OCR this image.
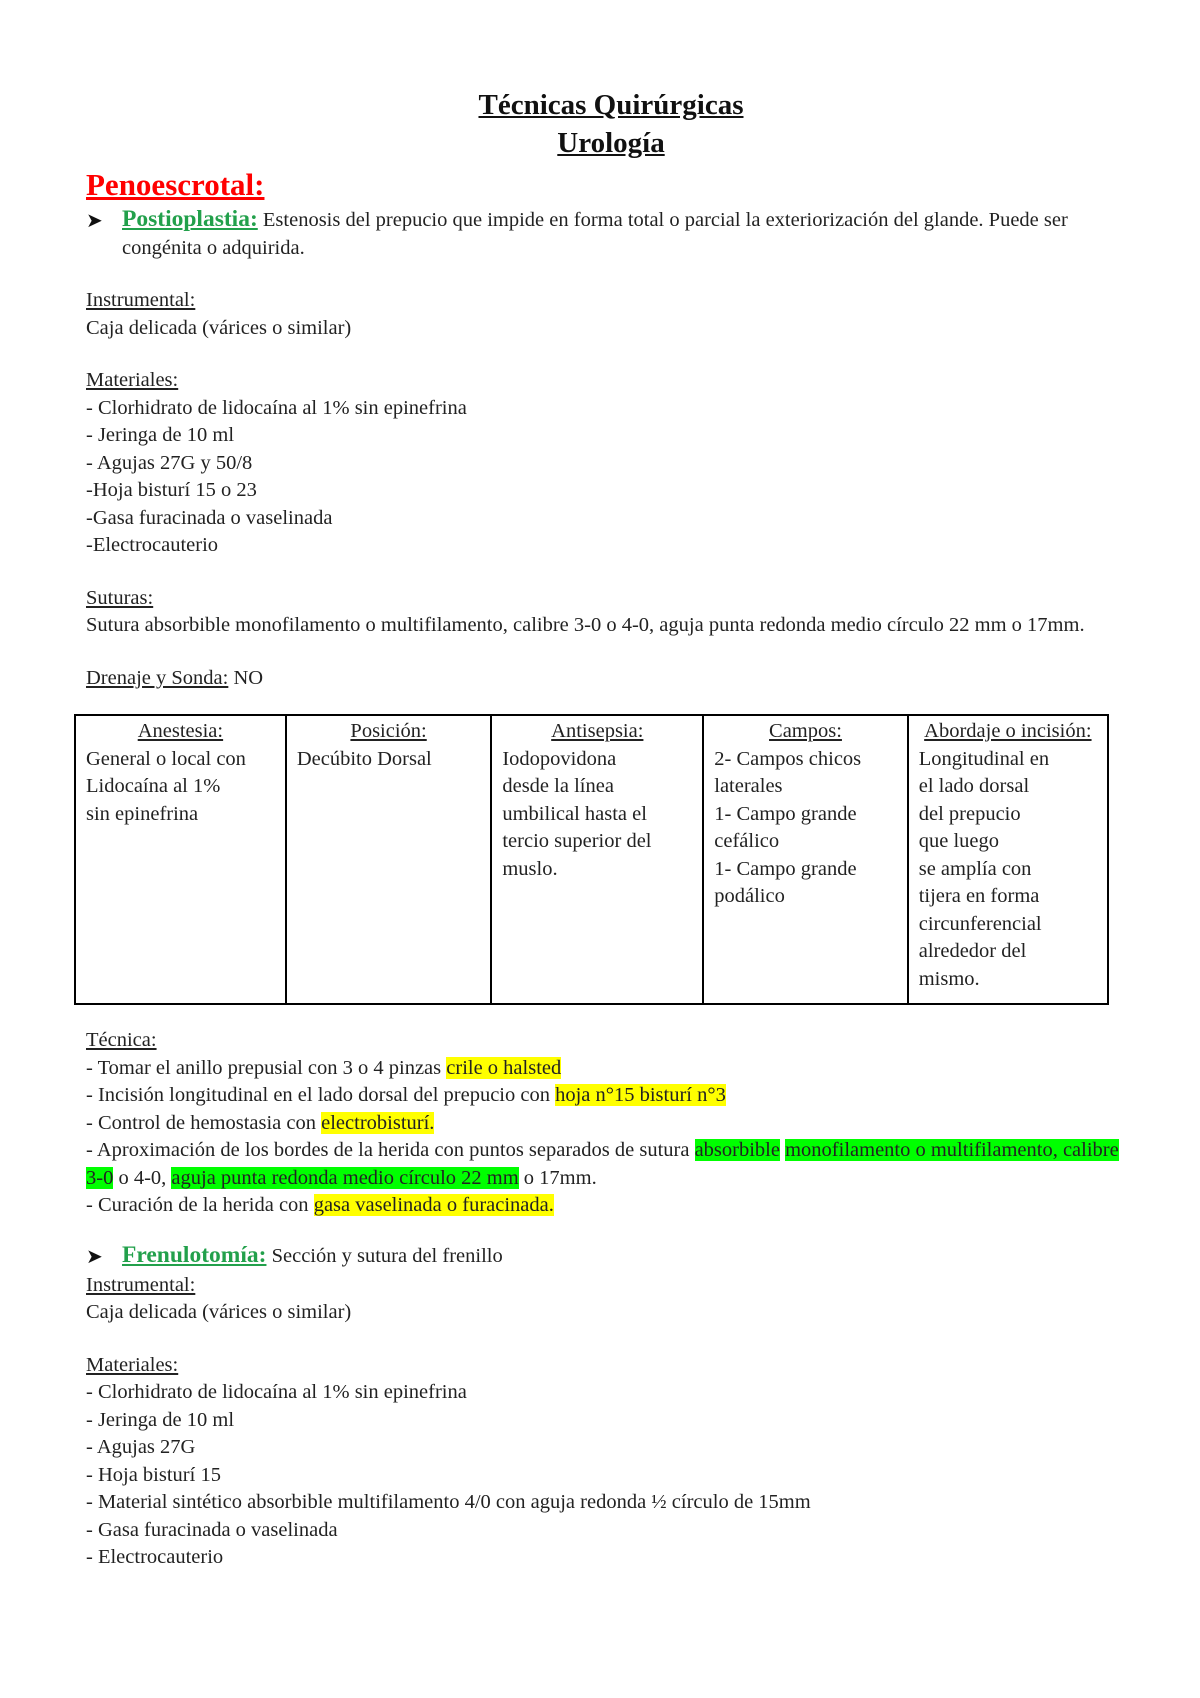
Técnicas Quirúrgicas
Urología
Penoescrotal:
➤ Postioplastia: Estenosis del prepucio que impide en forma total o parcial la exteriorización del glande. Puede ser congénita o adquirida.
Instrumental:
Caja delicada (várices o similar)
Materiales:
- Clorhidrato de lidocaína al 1% sin epinefrina
- Jeringa de 10 ml
- Agujas 27G y 50/8
-Hoja bisturí 15 o 23
-Gasa furacinada o vaselinada
-Electrocauterio
Suturas:
Sutura absorbible monofilamento o multifilamento, calibre 3-0 o 4-0, aguja punta redonda medio círculo 22 mm o 17mm.
Drenaje y Sonda: NO
Anestesia:
General o local con
Lidocaína al 1%
sin epinefrina

Posición:
Decúbito Dorsal

Antisepsia:
Iodopovidona
desde la línea
umbilical hasta el
tercio superior del
muslo.

Campos:
2- Campos chicos
laterales
1- Campo grande
cefálico
1- Campo grande
podálico

Abordaje o incisión:
Longitudinal en
el lado dorsal
del prepucio
que luego
se amplía con
tijera en forma
circunferencial
alrededor del
mismo.
Técnica:
- Tomar el anillo prepusial con 3 o 4 pinzas crile o halsted
- Incisión longitudinal en el lado dorsal del prepucio con hoja n°15 bisturí n°3
- Control de hemostasia con electrobisturí.
- Aproximación de los bordes de la herida con puntos separados de sutura absorbible monofilamento o multifilamento, calibre 3-0 o 4-0, aguja punta redonda medio círculo 22 mm o 17mm.
- Curación de la herida con gasa vaselinada o furacinada.
➤ Frenulotomía: Sección y sutura del frenillo
Instrumental:
Caja delicada (várices o similar)
Materiales:
- Clorhidrato de lidocaína al 1% sin epinefrina
- Jeringa de 10 ml
- Agujas 27G
- Hoja bisturí 15
- Material sintético absorbible multifilamento 4/0 con aguja redonda ½ círculo de 15mm
- Gasa furacinada o vaselinada
- Electrocauterio
